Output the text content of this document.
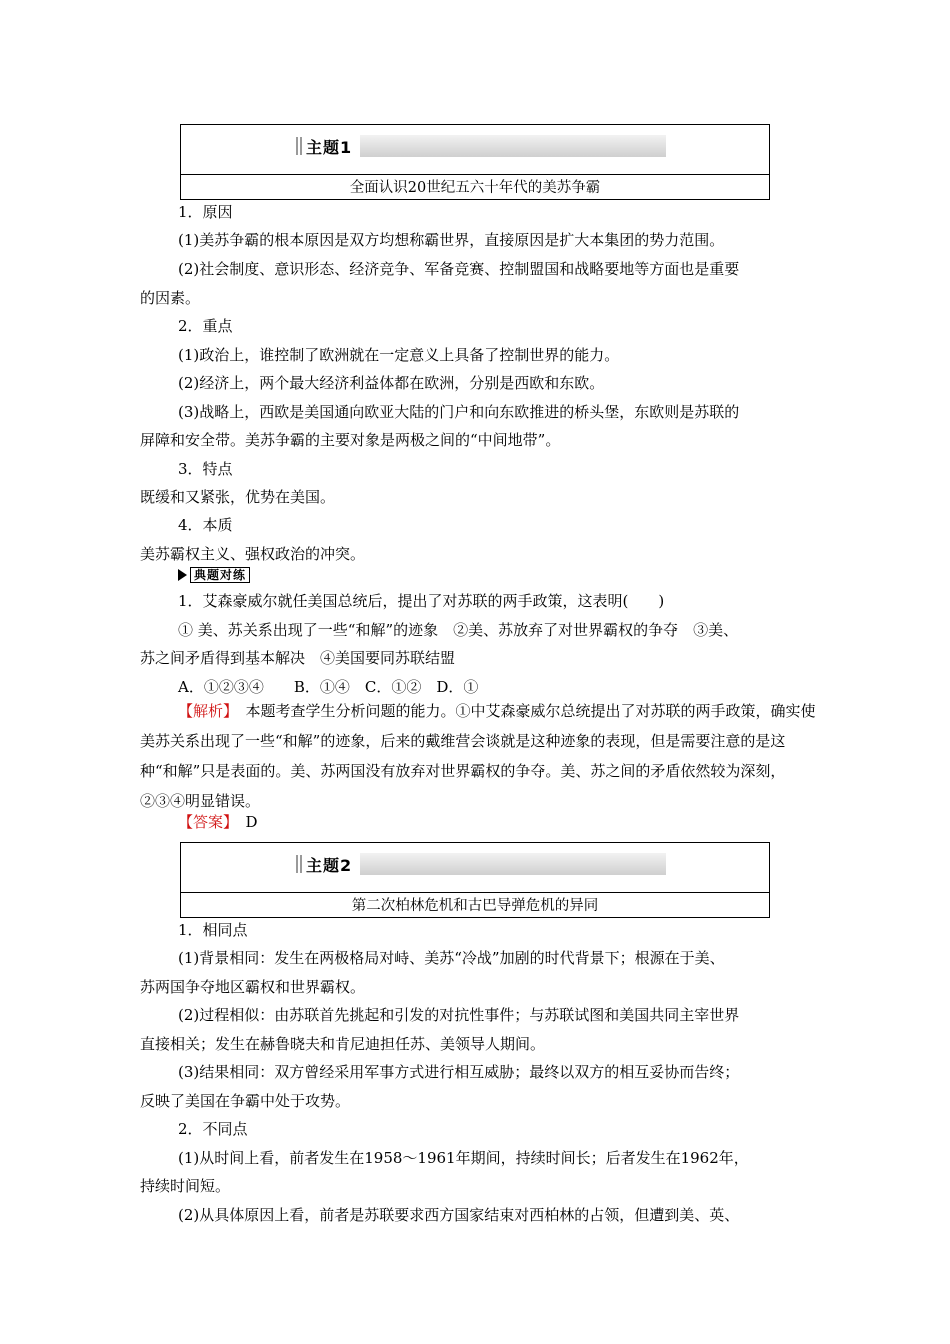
主题1
全面认识20世纪五六十年代的美苏争霸
1．原因
(1)美苏争霸的根本原因是双方均想称霸世界，直接原因是扩大本集团的势力范围。
(2)社会制度、意识形态、经济竞争、军备竞赛、控制盟国和战略要地等方面也是重要
的因素。
2．重点
(1)政治上，谁控制了欧洲就在一定意义上具备了控制世界的能力。
(2)经济上，两个最大经济利益体都在欧洲，分别是西欧和东欧。
(3)战略上，西欧是美国通向欧亚大陆的门户和向东欧推进的桥头堡，东欧则是苏联的
屏障和安全带。美苏争霸的主要对象是两极之间的“中间地带”。
3．特点
既缓和又紧张，优势在美国。
4．本质
美苏霸权主义、强权政治的冲突。
典题对练
1．艾森豪威尔就任美国总统后，提出了对苏联的两手政策，这表明(　　)
① 美、苏关系出现了一些“和解”的迹象　②美、苏放弃了对世界霸权的争夺　③美、
苏之间矛盾得到基本解决　④美国要同苏联结盟
A．①②③④　　B．①④　C．①②　D．①
【解析】　本题考查学生分析问题的能力。①中艾森豪威尔总统提出了对苏联的两手政策，确实使美苏关系出现了一些“和解”的迹象，后来的戴维营会谈就是这种迹象的表现，但是需要注意的是这种“和解”只是表面的。美、苏两国没有放弃对世界霸权的争夺。美、苏之间的矛盾依然较为深刻，②③④明显错误。
【答案】　D
主题2
第二次柏林危机和古巴导弹危机的异同
1．相同点
(1)背景相同：发生在两极格局对峙、美苏“冷战”加剧的时代背景下；根源在于美、
苏两国争夺地区霸权和世界霸权。
(2)过程相似：由苏联首先挑起和引发的对抗性事件；与苏联试图和美国共同主宰世界
直接相关；发生在赫鲁晓夫和肯尼迪担任苏、美领导人期间。
(3)结果相同：双方曾经采用军事方式进行相互威胁；最终以双方的相互妥协而告终；
反映了美国在争霸中处于攻势。
2．不同点
(1)从时间上看，前者发生在1958～1961年期间，持续时间长；后者发生在1962年，
持续时间短。
(2)从具体原因上看，前者是苏联要求西方国家结束对西柏林的占领，但遭到美、英、
